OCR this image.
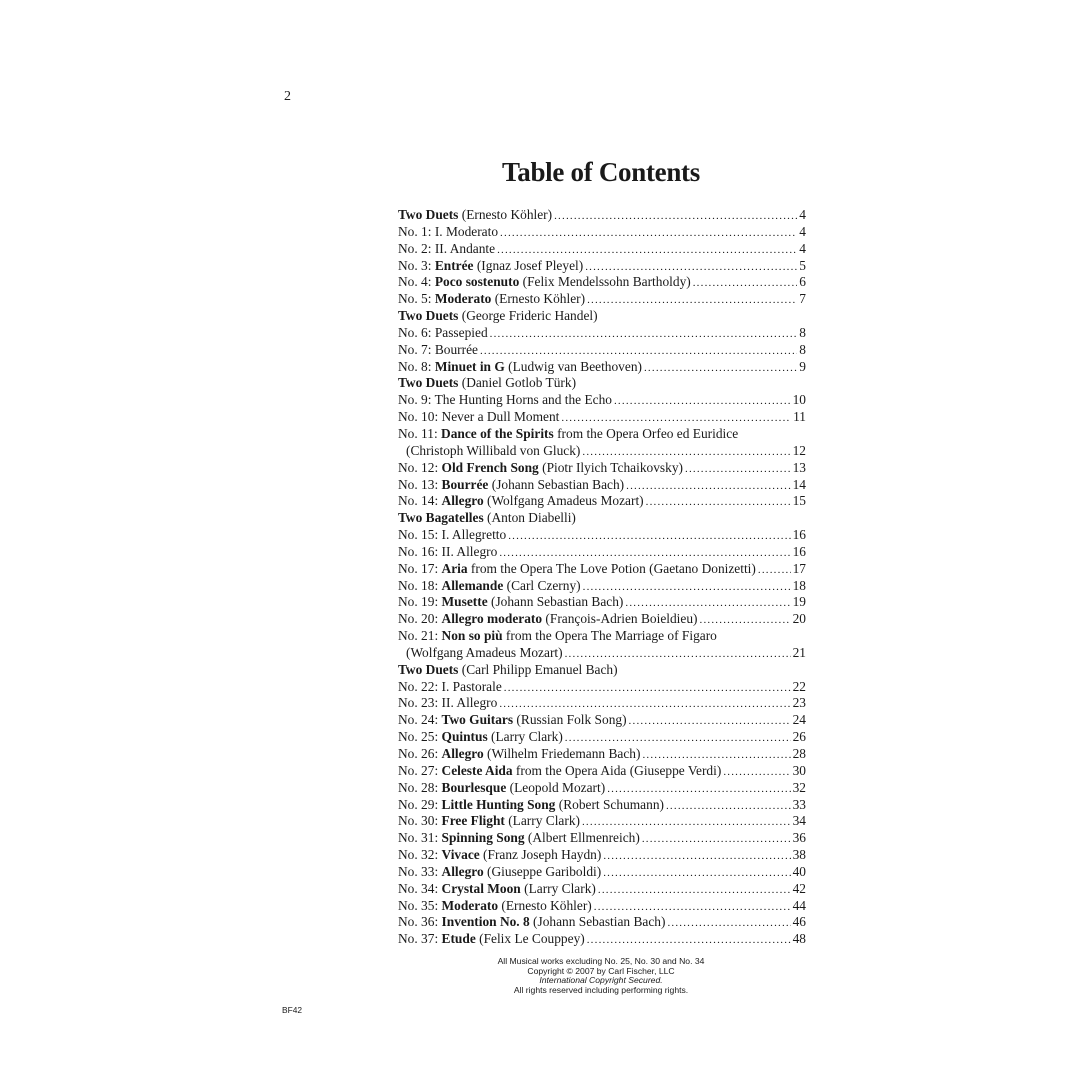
2
Table of Contents
Two Duets (Ernesto Köhler) .....	4
No. 1: I. Moderato .....	4
No. 2: II. Andante .....	4
No. 3: Entrée (Ignaz Josef Pleyel) .....	5
No. 4: Poco sostenuto (Felix Mendelssohn Bartholdy) .....	6
No. 5: Moderato (Ernesto Köhler) .....	7
Two Duets (George Frideric Handel)
No. 6: Passepied .....	8
No. 7: Bourrée .....	8
No. 8: Minuet in G (Ludwig van Beethoven) .....	9
Two Duets (Daniel Gotlob Türk)
No. 9: The Hunting Horns and the Echo .....	10
No. 10: Never a Dull Moment .....	11
No. 11: Dance of the Spirits from the Opera Orfeo ed Euridice
(Christoph Willibald von Gluck) .....	12
No. 12: Old French Song (Piotr Ilyich Tchaikovsky) .....	13
No. 13: Bourrée (Johann Sebastian Bach) .....	14
No. 14: Allegro (Wolfgang Amadeus Mozart) .....	15
Two Bagatelles (Anton Diabelli)
No. 15: I. Allegretto .....	16
No. 16: II. Allegro .....	16
No. 17: Aria from the Opera The Love Potion (Gaetano Donizetti) .....	17
No. 18: Allemande (Carl Czerny) .....	18
No. 19: Musette (Johann Sebastian Bach) .....	19
No. 20: Allegro moderato (François-Adrien Boieldieu) .....	20
No. 21: Non so più from the Opera The Marriage of Figaro
(Wolfgang Amadeus Mozart) .....	21
Two Duets (Carl Philipp Emanuel Bach)
No. 22: I. Pastorale .....	22
No. 23: II. Allegro .....	23
No. 24: Two Guitars (Russian Folk Song) .....	24
No. 25: Quintus (Larry Clark) .....	26
No. 26: Allegro (Wilhelm Friedemann Bach) .....	28
No. 27: Celeste Aida from the Opera Aida (Giuseppe Verdi) .....	30
No. 28: Bourlesque (Leopold Mozart) .....	32
No. 29: Little Hunting Song (Robert Schumann) .....	33
No. 30: Free Flight (Larry Clark) .....	34
No. 31: Spinning Song (Albert Ellmenreich) .....	36
No. 32: Vivace (Franz Joseph Haydn) .....	38
No. 33: Allegro (Giuseppe Gariboldi) .....	40
No. 34: Crystal Moon (Larry Clark) .....	42
No. 35: Moderato (Ernesto Köhler) .....	44
No. 36: Invention No. 8 (Johann Sebastian Bach) .....	46
No. 37: Etude (Felix Le Couppey) .....	48
All Musical works excluding No. 25, No. 30 and No. 34
Copyright © 2007 by Carl Fischer, LLC
International Copyright Secured.
All rights reserved including performing rights.
BF42
